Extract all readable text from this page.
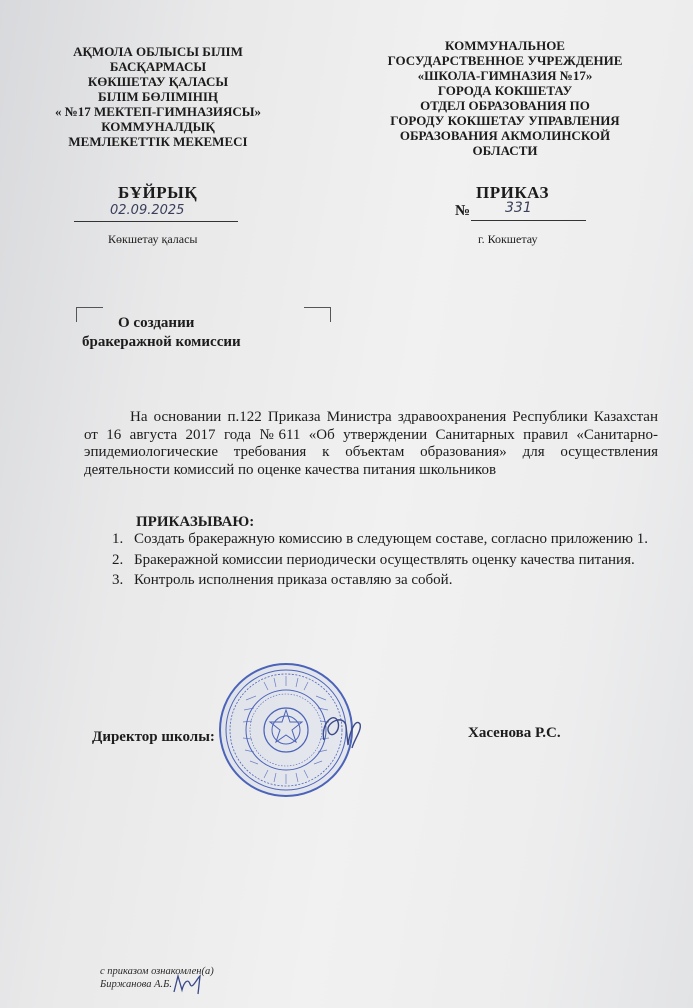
АҚМОЛА ОБЛЫСЫ БІЛІМ
БАСҚАРМАСЫ
КӨКШЕТАУ ҚАЛАСЫ
БІЛІМ БӨЛІМІНІҢ
« №17 МЕКТЕП-ГИМНАЗИЯСЫ»
КОММУНАЛДЫҚ
МЕМЛЕКЕТТІК МЕКЕМЕСІ
КОММУНАЛЬНОЕ
ГОСУДАРСТВЕННОЕ УЧРЕЖДЕНИЕ
«ШКОЛА-ГИМНАЗИЯ №17»
ГОРОДА КОКШЕТАУ
ОТДЕЛ ОБРАЗОВАНИЯ ПО
ГОРОДУ КОКШЕТАУ УПРАВЛЕНИЯ
ОБРАЗОВАНИЯ АКМОЛИНСКОЙ
ОБЛАСТИ
БҰЙРЫҚ
02.09.2025
Көкшетау қаласы
ПРИКАЗ
№ 331
г. Кокшетау
О создании
бракеражной комиссии
На основании п.122 Приказа Министра здравоохранения Республики Казахстан от 16 августа 2017 года №611 «Об утверждении Санитарных правил «Санитарно-эпидемиологические требования к объектам образования» для осуществления деятельности комиссий по оценке качества питания школьников
ПРИКАЗЫВАЮ:
1. Создать бракеражную комиссию в следующем составе, согласно приложению 1.
2. Бракеражной комиссии периодически осуществлять оценку качества питания.
3. Контроль исполнения приказа оставляю за собой.
Директор школы:	Хасенова Р.С.
с приказом ознакомлен(а)
Биржанова А.Б.
